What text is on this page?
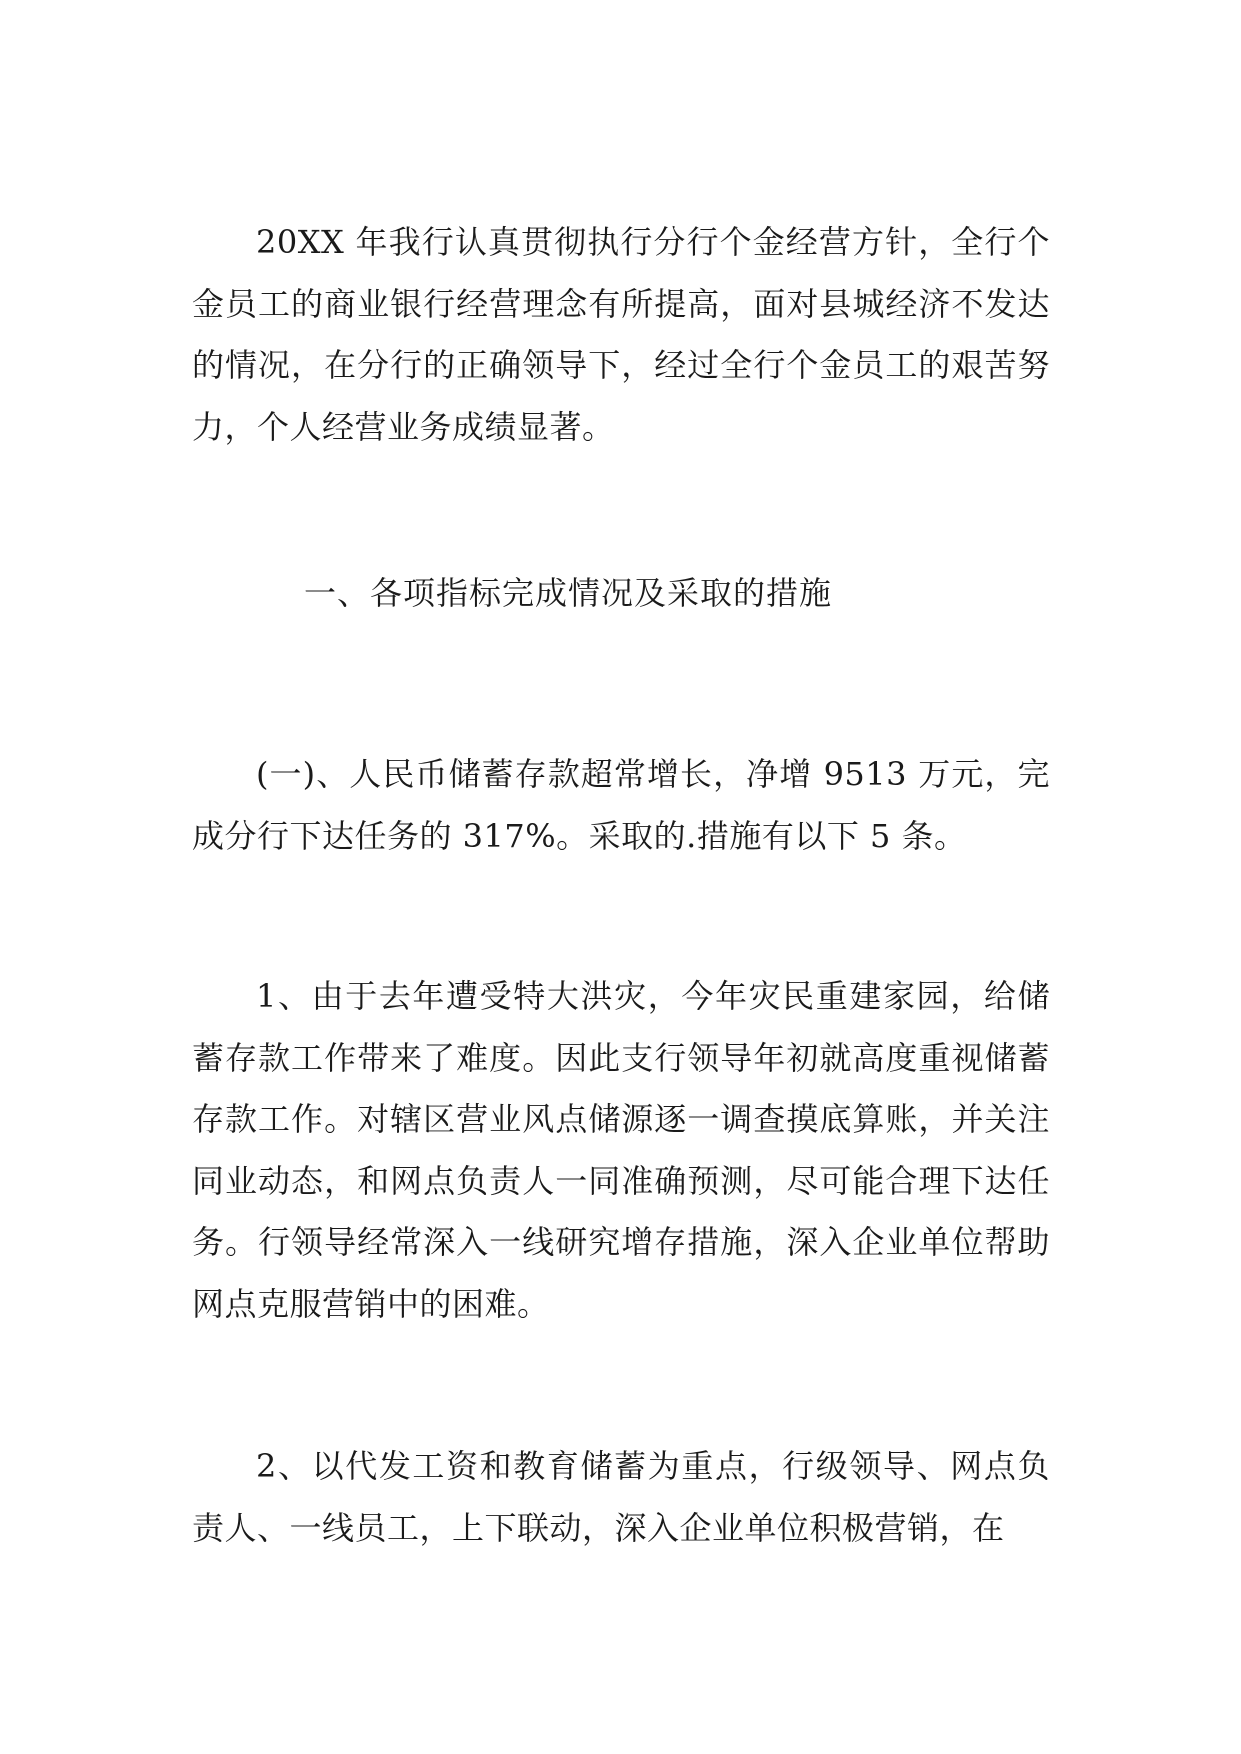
20XX 年我行认真贯彻执行分行个金经营方针，全行个金员工的商业银行经营理念有所提高，面对县城经济不发达的情况，在分行的正确领导下，经过全行个金员工的艰苦努力，个人经营业务成绩显著。

一、各项指标完成情况及采取的措施

(一)、人民币储蓄存款超常增长，净增 9513 万元，完成分行下达任务的 317%。采取的.措施有以下 5 条。

1、由于去年遭受特大洪灾，今年灾民重建家园，给储蓄存款工作带来了难度。因此支行领导年初就高度重视储蓄存款工作。对辖区营业风点储源逐一调查摸底算账，并关注同业动态，和网点负责人一同准确预测，尽可能合理下达任务。行领导经常深入一线研究增存措施，深入企业单位帮助网点克服营销中的困难。

2、以代发工资和教育储蓄为重点，行级领导、网点负责人、一线员工，上下联动，深入企业单位积极营销，在
